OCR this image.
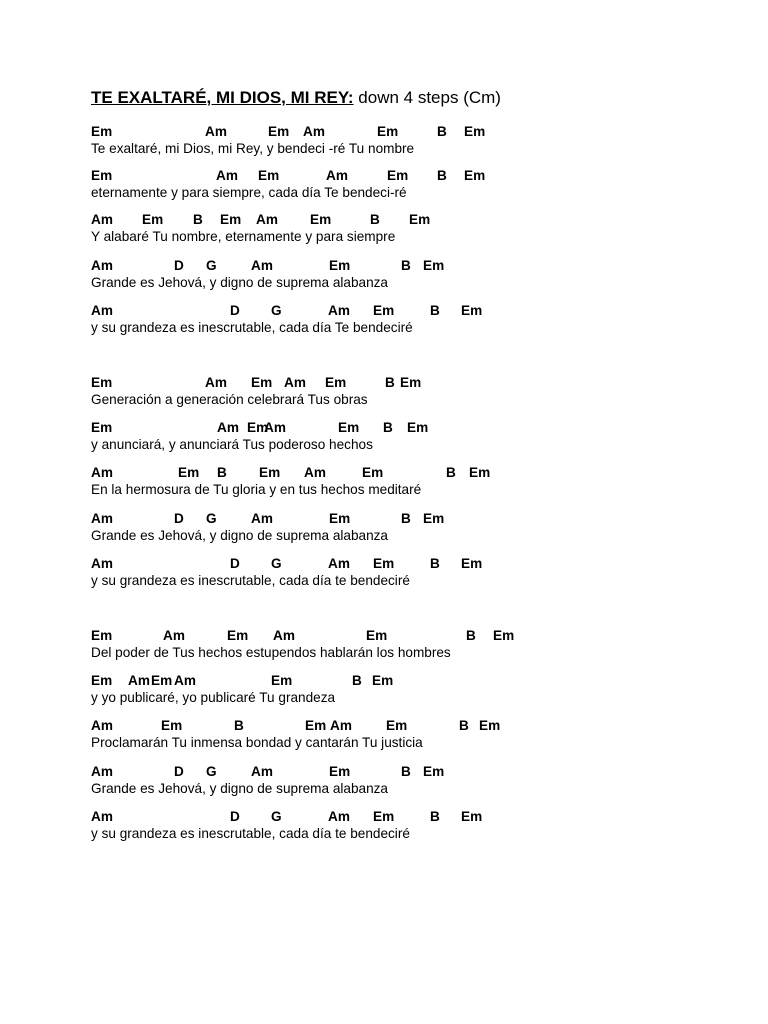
TE EXALTARÉ, MI DIOS, MI REY: down 4 steps (Cm)
Em	Am	Em Am	Em	B Em
Te exaltaré, mi Dios, mi Rey, y bendeci -ré Tu nombre
Em	Am Em	Am	Em B Em
eternamente y para siempre, cada día Te bendeci-ré
Am Em B Em Am Em	B Em
Y alabaré Tu nombre, eternamente y para siempre
Am	D G	Am	Em	B Em
Grande es Jehová, y digno de suprema alabanza
Am	D G	Am Em	B Em
y su grandeza es inescrutable, cada día Te bendeciré
Em	Am Em Am Em	B Em
Generación a generación celebrará Tus obras
Em	Am Em
Am	Em B Em
y anunciará, y anunciará Tus poderoso hechos
Am	Em B Em Am	Em	B Em
En la hermosura de Tu gloria y en tus hechos meditaré
Am	D G	Am	Em	B Em
Grande es Jehová, y digno de suprema alabanza
Am	D G	Am Em	B Em
y su grandeza es inescrutable, cada día te bendeciré
Em	Am	Em Am	Em	B Em
Del poder de Tus hechos estupendos hablarán los hombres
Em Am Em Am	Em	B Em
y yo publicaré, yo publicaré Tu grandeza
Am	Em	B	Em Am	Em	B Em
Proclamarán Tu inmensa bondad y cantarán Tu justicia
Am	D G	Am	Em	B Em
Grande es Jehová, y digno de suprema alabanza
Am	D G	Am Em	B Em
y su grandeza es inescrutable, cada día te bendeciré
